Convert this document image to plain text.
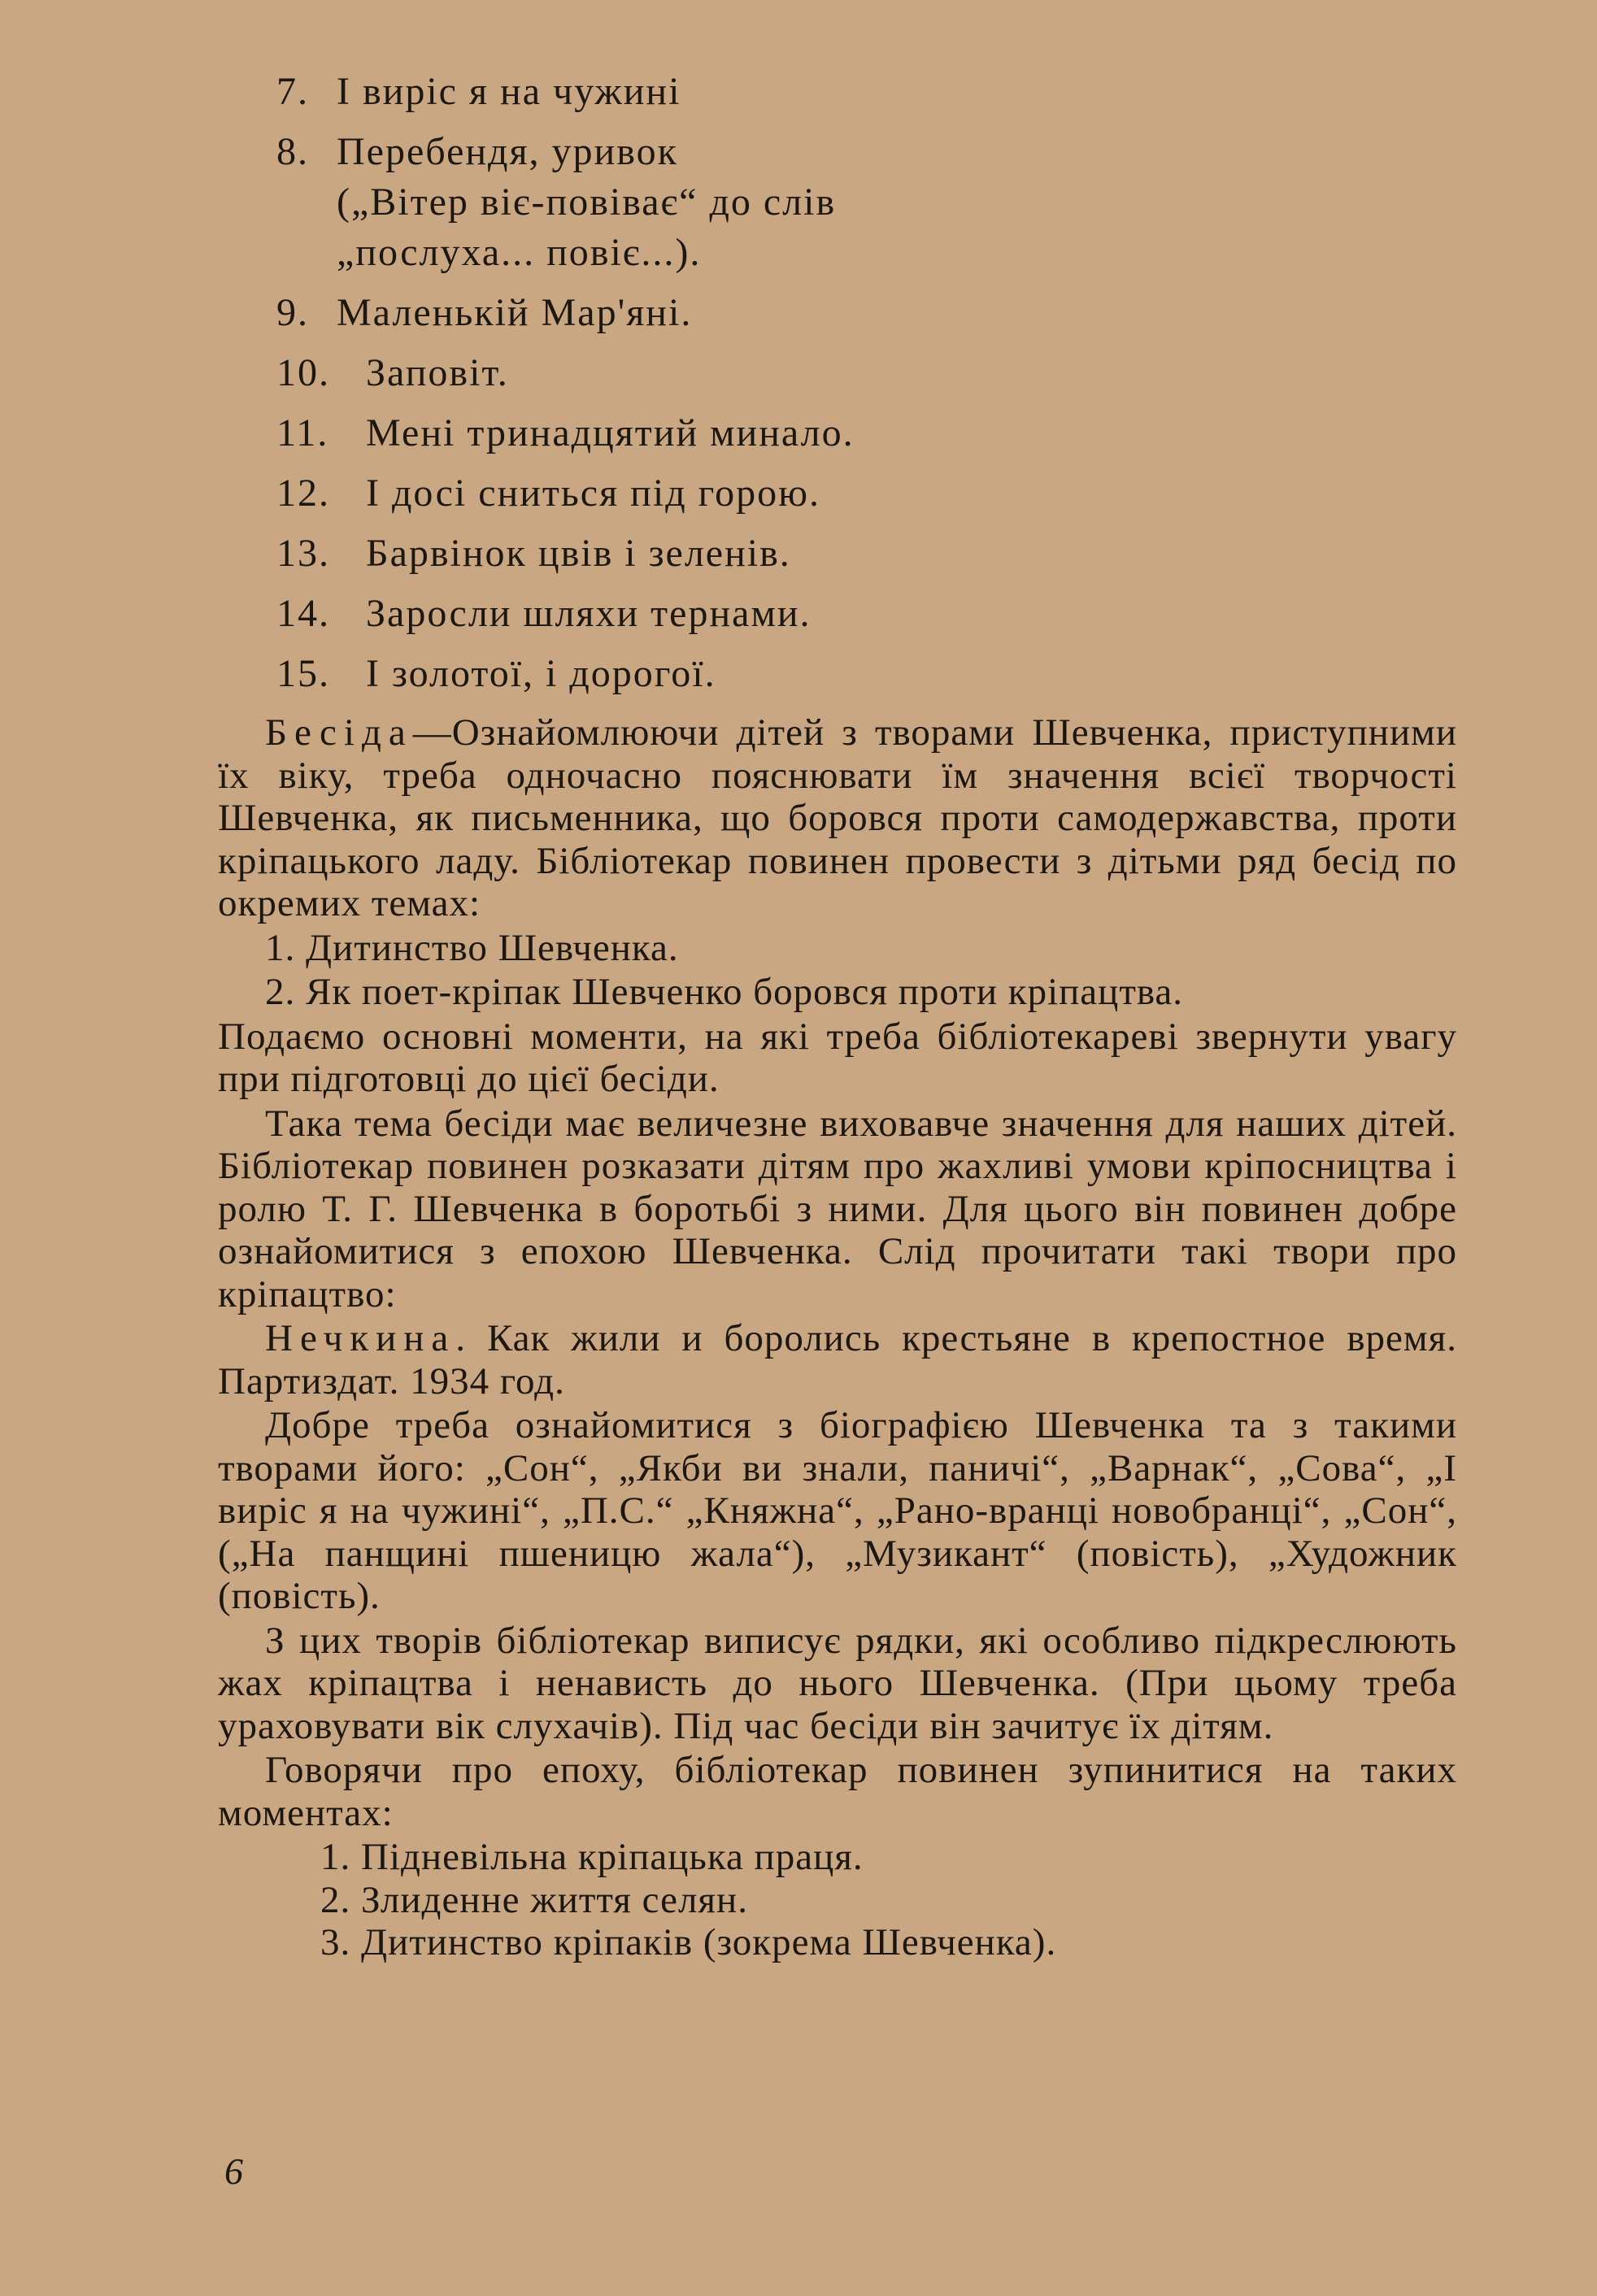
7. І виріс я на чужині
8. Перебендя, уривок
(„Вітер віє-повіває“ до слів
„послуха... повіє...).
9. Маленькій Мар'яні.
10. Заповіт.
11. Мені тринадцятий минало.
12. І досі сниться під горою.
13. Барвінок цвів і зеленів.
14. Заросли шляхи тернами.
15. І золотої, і дорогої.

Бесіда—Ознайомлюючи дітей з творами Шевченка, приступними їх віку, треба одночасно пояснювати їм значення всієї творчості Шевченка, як письменника, що боровся проти самодержавства, проти кріпацького ладу. Бібліотекар повинен провести з дітьми ряд бесід по окремих темах:

1. Дитинство Шевченка.

2. Як поет-кріпак Шевченко боровся проти кріпацтва.

Подаємо основні моменти, на які треба бібліотекареві звернути увагу при підготовці до цієї бесіди.

Така тема бесіди має величезне виховавче значення для наших дітей. Бібліотекар повинен розказати дітям про жахливі умови кріпосництва і ролю Т. Г. Шевченка в боротьбі з ними. Для цього він повинен добре ознайомитися з епохою Шевченка. Слід прочитати такі твори про кріпацтво:

Нечкина. Как жили и боролись крестьяне в крепостное время. Партиздат. 1934 год.

Добре треба ознайомитися з біографією Шевченка та з такими творами його: „Сон“, „Якби ви знали, паничі“, „Варнак“, „Сова“, „І виріс я на чужині“, „П.С.“ „Княжна“, „Рано-вранці новобранці“, „Сон“, („На панщині пшеницю жала“), „Музикант“ (повість), „Художник (повість).

З цих творів бібліотекар виписує рядки, які особливо підкреслюють жах кріпацтва і ненависть до нього Шевченка. (При цьому треба ураховувати вік слухачів). Під час бесіди він зачитує їх дітям.

Говорячи про епоху, бібліотекар повинен зупинитися на таких моментах:

1. Підневільна кріпацька праця.

2. Злиденне життя селян.

3. Дитинство кріпаків (зокрема Шевченка).

6
